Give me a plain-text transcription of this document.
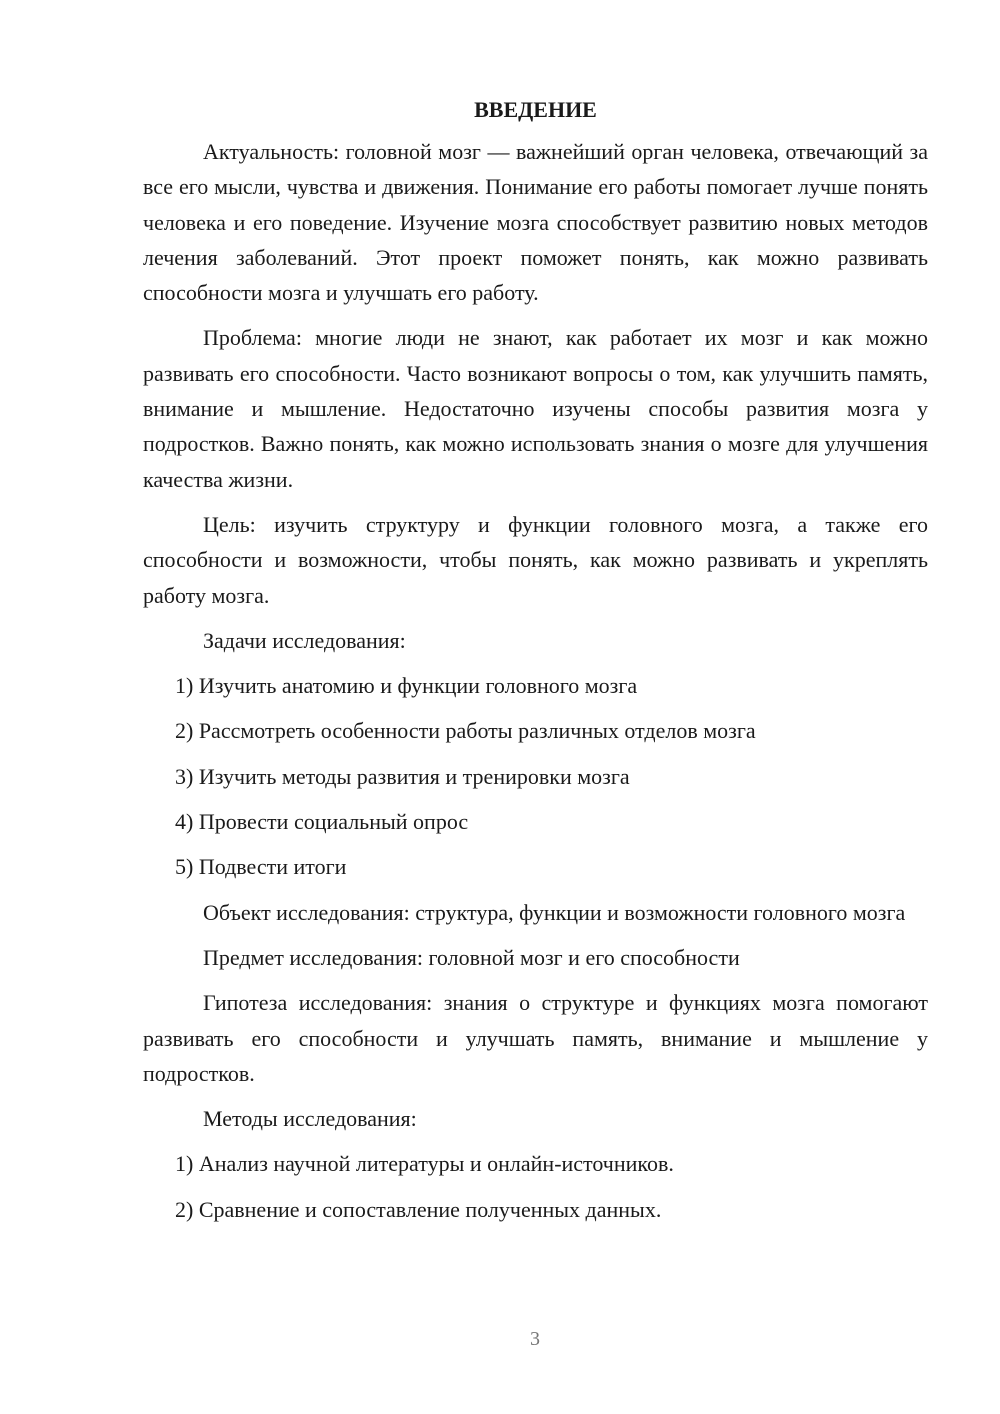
ВВЕДЕНИЕ

Актуальность: головной мозг — важнейший орган человека, отвечающий за все его мысли, чувства и движения. Понимание его работы помогает лучше понять человека и его поведение. Изучение мозга способствует развитию новых методов лечения заболеваний. Этот проект поможет понять, как можно развивать способности мозга и улучшать его работу.

Проблема: многие люди не знают, как работает их мозг и как можно развивать его способности. Часто возникают вопросы о том, как улучшить память, внимание и мышление. Недостаточно изучены способы развития мозга у подростков. Важно понять, как можно использовать знания о мозге для улучшения качества жизни.

Цель: изучить структуру и функции головного мозга, а также его способности и возможности, чтобы понять, как можно развивать и укреплять работу мозга.

Задачи исследования:
1) Изучить анатомию и функции головного мозга
2) Рассмотреть особенности работы различных отделов мозга
3) Изучить методы развития и тренировки мозга
4) Провести социальный опрос
5) Подвести итоги

Объект исследования: структура, функции и возможности головного мозга

Предмет исследования: головной мозг и его способности

Гипотеза исследования: знания о структуре и функциях мозга помогают развивать его способности и улучшать память, внимание и мышление у подростков.

Методы исследования:
1) Анализ научной литературы и онлайн-источников.
2) Сравнение и сопоставление полученных данных.
3
